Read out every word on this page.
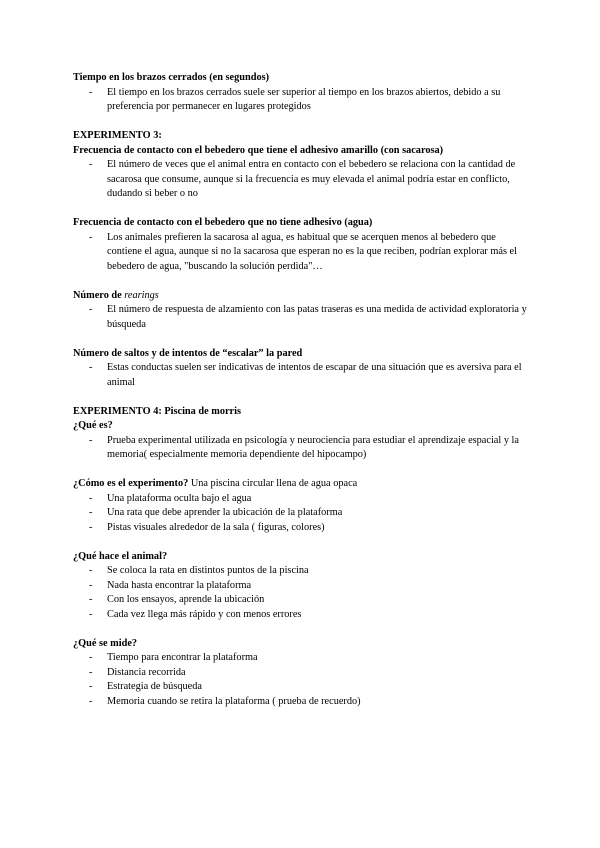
Tiempo en los brazos cerrados (en segundos)

- El tiempo en los brazos cerrados suele ser superior al tiempo en los brazos abiertos, debido a su preferencia por permanecer en lugares protegidos

EXPERIMENTO 3:

Frecuencia de contacto con el bebedero que tiene el adhesivo amarillo (con sacarosa)

- El número de veces que el animal entra en contacto con el bebedero se relaciona con la cantidad de sacarosa que consume, aunque si la frecuencia es muy elevada el animal podría estar en conflicto, dudando si beber o no

Frecuencia de contacto con el bebedero que no tiene adhesivo (agua)

- Los animales prefieren la sacarosa al agua, es habitual que se acerquen menos al bebedero que contiene el agua, aunque si no la sacarosa que esperan no es la que reciben, podrían explorar más el bebedero de agua, "buscando la solución perdida"…

Número de rearings

- El número de respuesta de alzamiento con las patas traseras es una medida de actividad exploratoria y búsqueda

Número de saltos y de intentos de “escalar” la pared

- Estas conductas suelen ser indicativas de intentos de escapar de una situación que es aversiva para el animal

EXPERIMENTO 4: Piscina de morris

¿Qué es?

- Prueba experimental utilizada en psicología y neurociencia para estudiar el aprendizaje espacial y la memoria( especialmente memoria dependiente del hipocampo)

¿Cómo es el experimento? Una piscina circular llena de agua opaca

- Una plataforma oculta bajo el agua
- Una rata que debe aprender la ubicación de la plataforma
- Pistas visuales alrededor de la sala ( figuras, colores)

¿Qué hace el animal?

- Se coloca la rata en distintos puntos de la piscina
- Nada hasta encontrar la plataforma
- Con los ensayos, aprende la ubicación
- Cada vez llega más rápido y con menos errores

¿Qué se mide?

- Tiempo para encontrar la plataforma
- Distancia recorrida
- Estrategia de búsqueda
- Memoria cuando se retira la plataforma ( prueba de recuerdo)
